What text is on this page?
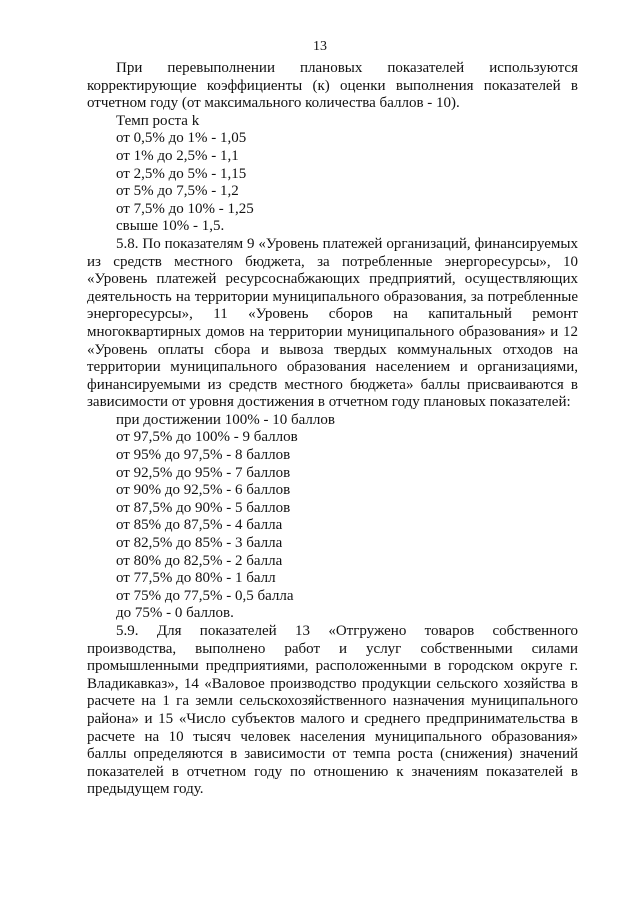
13

При перевыполнении плановых показателей используются корректирующие коэффициенты (к) оценки выполнения показателей в отчетном году (от максимального количества баллов - 10).

Темп роста k
от 0,5% до 1% - 1,05
от 1% до 2,5% - 1,1
от 2,5% до 5% - 1,15
от 5% до 7,5% - 1,2
от 7,5% до 10% - 1,25
свыше 10% - 1,5.

5.8. По показателям 9 «Уровень платежей организаций, финансируемых из средств местного бюджета, за потребленные энергоресурсы», 10 «Уровень платежей ресурсоснабжающих предприятий, осуществляющих деятельность на территории муниципального образования, за потребленные энергоресурсы», 11 «Уровень сборов на капитальный ремонт многоквартирных домов на территории муниципального образования» и 12 «Уровень оплаты сбора и вывоза твердых коммунальных отходов на территории муниципального образования населением и организациями, финансируемыми из средств местного бюджета» баллы присваиваются в зависимости от уровня достижения в отчетном году плановых показателей:

при достижении 100% - 10 баллов
от 97,5% до 100% - 9 баллов
от 95% до 97,5% - 8 баллов
от 92,5% до 95% - 7 баллов
от 90% до 92,5% - 6 баллов
от 87,5% до 90% - 5 баллов
от 85% до 87,5% - 4 балла
от 82,5% до 85% - 3 балла
от 80% до 82,5% - 2 балла
от 77,5% до 80% - 1 балл
от 75% до 77,5% - 0,5 балла
до 75% - 0 баллов.

5.9. Для показателей 13 «Отгружено товаров собственного производства, выполнено работ и услуг собственными силами промышленными предприятиями, расположенными в городском округе г. Владикавказ», 14 «Валовое производство продукции сельского хозяйства в расчете на 1 га земли сельскохозяйственного назначения муниципального района» и 15 «Число субъектов малого и среднего предпринимательства в расчете на 10 тысяч человек населения муниципального образования» баллы определяются в зависимости от темпа роста (снижения) значений показателей в отчетном году по отношению к значениям показателей в предыдущем году.
